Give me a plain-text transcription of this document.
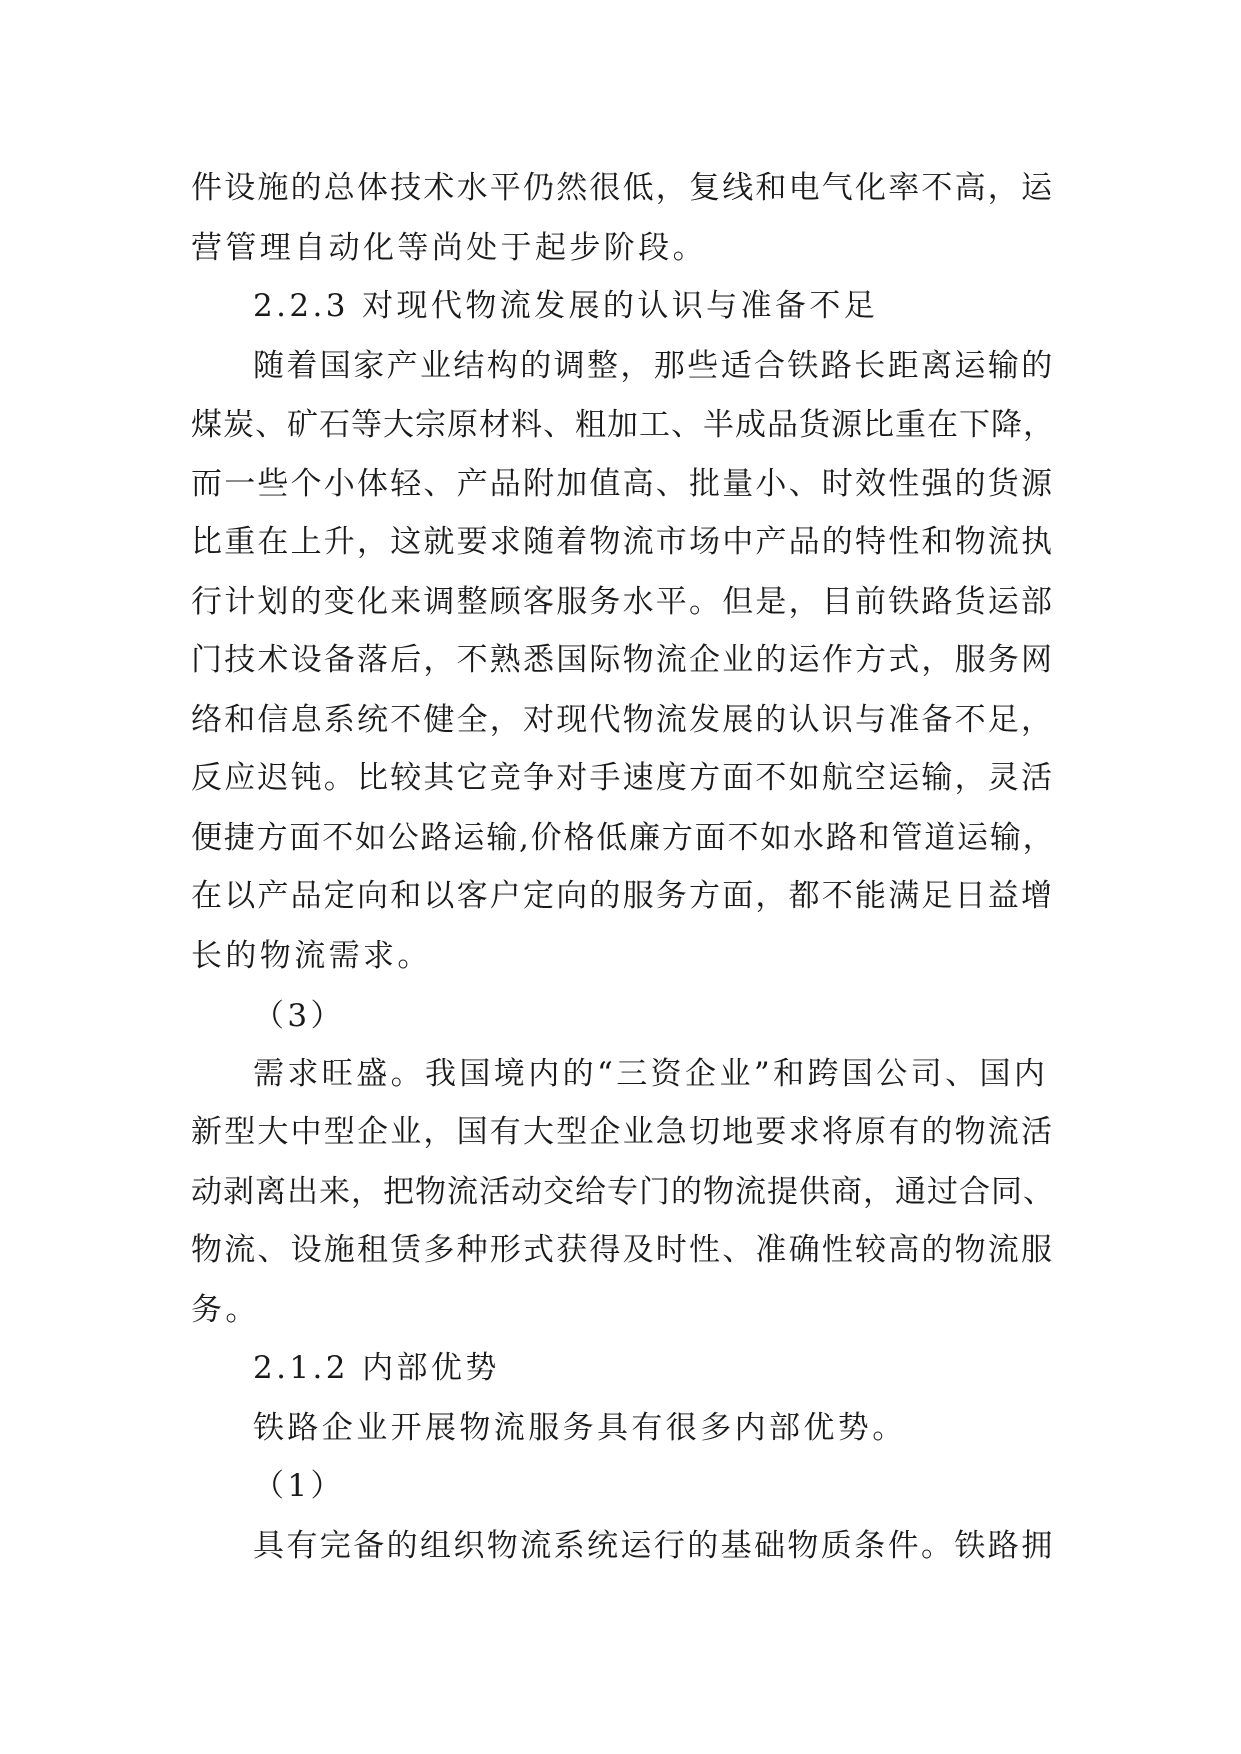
件设施的总体技术水平仍然很低，复线和电气化率不高，运
营管理自动化等尚处于起步阶段。
2.2.3 对现代物流发展的认识与准备不足
随着国家产业结构的调整，那些适合铁路长距离运输的
煤炭、矿石等大宗原材料、粗加工、半成品货源比重在下降，
而一些个小体轻、产品附加值高、批量小、时效性强的货源
比重在上升，这就要求随着物流市场中产品的特性和物流执
行计划的变化来调整顾客服务水平。但是，目前铁路货运部
门技术设备落后，不熟悉国际物流企业的运作方式，服务网
络和信息系统不健全，对现代物流发展的认识与准备不足，
反应迟钝。比较其它竞争对手速度方面不如航空运输，灵活
便捷方面不如公路运输,价格低廉方面不如水路和管道运输，
在以产品定向和以客户定向的服务方面，都不能满足日益增
长的物流需求。
（3）
需求旺盛。我国境内的“三资企业”和跨国公司、国内
新型大中型企业，国有大型企业急切地要求将原有的物流活
动剥离出来，把物流活动交给专门的物流提供商，通过合同、
物流、设施租赁多种形式获得及时性、准确性较高的物流服
务。
2.1.2 内部优势
铁路企业开展物流服务具有很多内部优势。
（1）
具有完备的组织物流系统运行的基础物质条件。铁路拥
